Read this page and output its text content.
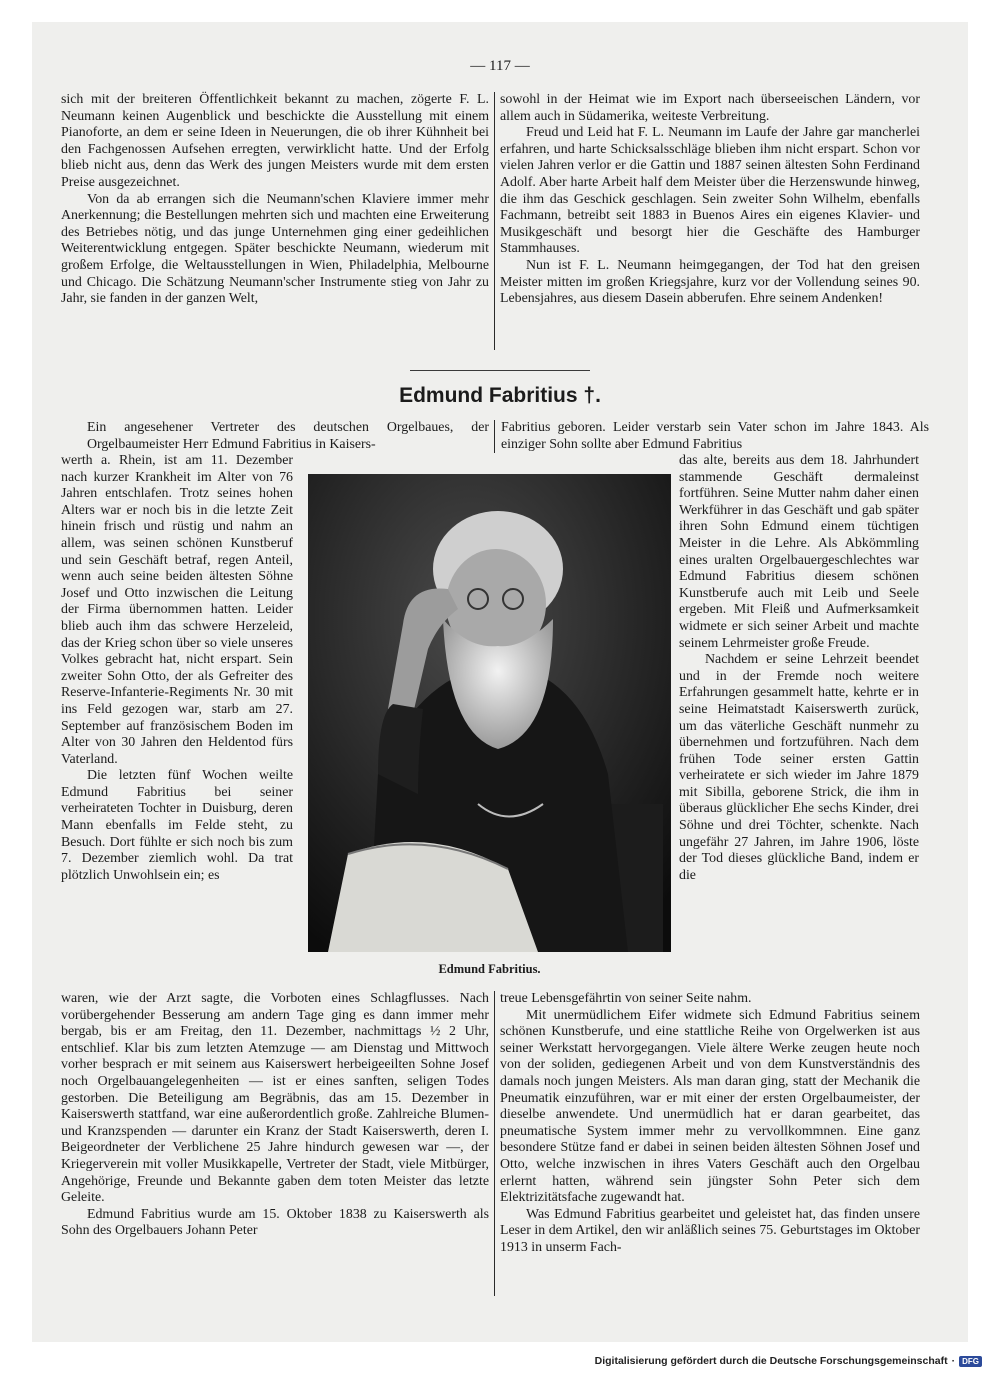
— 117 —

sich mit der breiteren Öffentlichkeit bekannt zu machen, zögerte F. L. Neumann keinen Augenblick und beschickte die Ausstellung mit einem Pianoforte, an dem er seine Ideen in Neuerungen, die ob ihrer Kühnheit bei den Fachgenossen Aufsehen erregten, verwirklicht hatte. Und der Erfolg blieb nicht aus, denn das Werk des jungen Meisters wurde mit dem ersten Preise ausgezeichnet.

Von da ab errangen sich die Neumann'schen Klaviere immer mehr Anerkennung; die Bestellungen mehrten sich und machten eine Erweiterung des Betriebes nötig, und das junge Unternehmen ging einer gedeihlichen Weiterentwicklung entgegen. Später beschickte Neumann, wiederum mit großem Erfolge, die Weltausstellungen in Wien, Philadelphia, Melbourne und Chicago. Die Schätzung Neumann'scher Instrumente stieg von Jahr zu Jahr, sie fanden in der ganzen Welt,

sowohl in der Heimat wie im Export nach überseeischen Ländern, vor allem auch in Südamerika, weiteste Verbreitung.

Freud und Leid hat F. L. Neumann im Laufe der Jahre gar mancherlei erfahren, und harte Schicksalsschläge blieben ihm nicht erspart. Schon vor vielen Jahren verlor er die Gattin und 1887 seinen ältesten Sohn Ferdinand Adolf. Aber harte Arbeit half dem Meister über die Herzenswunde hinweg, die ihm das Geschick geschlagen. Sein zweiter Sohn Wilhelm, ebenfalls Fachmann, betreibt seit 1883 in Buenos Aires ein eigenes Klavier- und Musikgeschäft und besorgt hier die Geschäfte des Hamburger Stammhauses.

Nun ist F. L. Neumann heimgegangen, der Tod hat den greisen Meister mitten im großen Kriegsjahre, kurz vor der Vollendung seines 90. Lebensjahres, aus diesem Dasein abberufen. Ehre seinem Andenken!

Edmund Fabritius †.
Ein angesehener Vertreter des deutschen Orgelbaues, der Orgelbaumeister Herr Edmund Fabritius in Kaisers-
Fabritius geboren. Leider verstarb sein Vater schon im Jahre 1843. Als einziger Sohn sollte aber Edmund Fabritius

werth a. Rhein, ist am 11. Dezember nach kurzer Krankheit im Alter von 76 Jahren entschlafen. Trotz seines hohen Alters war er noch bis in die letzte Zeit hinein frisch und rüstig und nahm an allem, was seinen schönen Kunstberuf und sein Geschäft betraf, regen Anteil, wenn auch seine beiden ältesten Söhne Josef und Otto inzwischen die Leitung der Firma übernommen hatten. Leider blieb auch ihm das schwere Herzeleid, das der Krieg schon über so viele unseres Volkes gebracht hat, nicht erspart. Sein zweiter Sohn Otto, der als Gefreiter des Reserve-Infanterie-Regiments Nr. 30 mit ins Feld gezogen war, starb am 27. September auf französischem Boden im Alter von 30 Jahren den Heldentod fürs Vaterland.

Die letzten fünf Wochen weilte Edmund Fabritius bei seiner verheirateten Tochter in Duisburg, deren Mann ebenfalls im Felde steht, zu Besuch. Dort fühlte er sich noch bis zum 7. Dezember ziemlich wohl. Da trat plötzlich Unwohlsein ein; es

Edmund Fabritius.

das alte, bereits aus dem 18. Jahrhundert stammende Geschäft dermaleinst fortführen. Seine Mutter nahm daher einen Werkführer in das Geschäft und gab später ihren Sohn Edmund einem tüchtigen Meister in die Lehre. Als Abkömmling eines uralten Orgelbauergeschlechtes war Edmund Fabritius diesem schönen Kunstberufe auch mit Leib und Seele ergeben. Mit Fleiß und Aufmerksamkeit widmete er sich seiner Arbeit und machte seinem Lehrmeister große Freude.

Nachdem er seine Lehrzeit beendet und in der Fremde noch weitere Erfahrungen gesammelt hatte, kehrte er in seine Heimatstadt Kaiserswerth zurück, um das väterliche Geschäft nunmehr zu übernehmen und fortzuführen. Nach dem frühen Tode seiner ersten Gattin verheiratete er sich wieder im Jahre 1879 mit Sibilla, geborene Strick, die ihm in überaus glücklicher Ehe sechs Kinder, drei Söhne und drei Töchter, schenkte. Nach ungefähr 27 Jahren, im Jahre 1906, löste der Tod dieses glückliche Band, indem er die

waren, wie der Arzt sagte, die Vorboten eines Schlagflusses. Nach vorübergehender Besserung am andern Tage ging es dann immer mehr bergab, bis er am Freitag, den 11. Dezember, nachmittags ½ 2 Uhr, entschlief. Klar bis zum letzten Atemzuge — am Dienstag und Mittwoch vorher besprach er mit seinem aus Kaiserswert herbeigeeilten Sohne Josef noch Orgelbauangelegenheiten — ist er eines sanften, seligen Todes gestorben. Die Beteiligung am Begräbnis, das am 15. Dezember in Kaiserswerth stattfand, war eine außerordentlich große. Zahlreiche Blumen- und Kranzspenden — darunter ein Kranz der Stadt Kaiserswerth, deren I. Beigeordneter der Verblichene 25 Jahre hindurch gewesen war —, der Kriegerverein mit voller Musikkapelle, Vertreter der Stadt, viele Mitbürger, Angehörige, Freunde und Bekannte gaben dem toten Meister das letzte Geleite.

Edmund Fabritius wurde am 15. Oktober 1838 zu Kaiserswerth als Sohn des Orgelbauers Johann Peter

treue Lebensgefährtin von seiner Seite nahm.

Mit unermüdlichem Eifer widmete sich Edmund Fabritius seinem schönen Kunstberufe, und eine stattliche Reihe von Orgelwerken ist aus seiner Werkstatt hervorgegangen. Viele ältere Werke zeugen heute noch von der soliden, gediegenen Arbeit und von dem Kunstverständnis des damals noch jungen Meisters. Als man daran ging, statt der Mechanik die Pneumatik einzuführen, war er mit einer der ersten Orgelbaumeister, der dieselbe anwendete. Und unermüdlich hat er daran gearbeitet, das pneumatische System immer mehr zu vervollkommnen. Eine ganz besondere Stütze fand er dabei in seinen beiden ältesten Söhnen Josef und Otto, welche inzwischen in ihres Vaters Geschäft auch den Orgelbau erlernt hatten, während sein jüngster Sohn Peter sich dem Elektrizitätsfache zugewandt hat.

Was Edmund Fabritius gearbeitet und geleistet hat, das finden unsere Leser in dem Artikel, den wir anläßlich seines 75. Geburtstages im Oktober 1913 in unserm Fach-

Digitalisierung gefördert durch die Deutsche Forschungsgemeinschaft · DFG
